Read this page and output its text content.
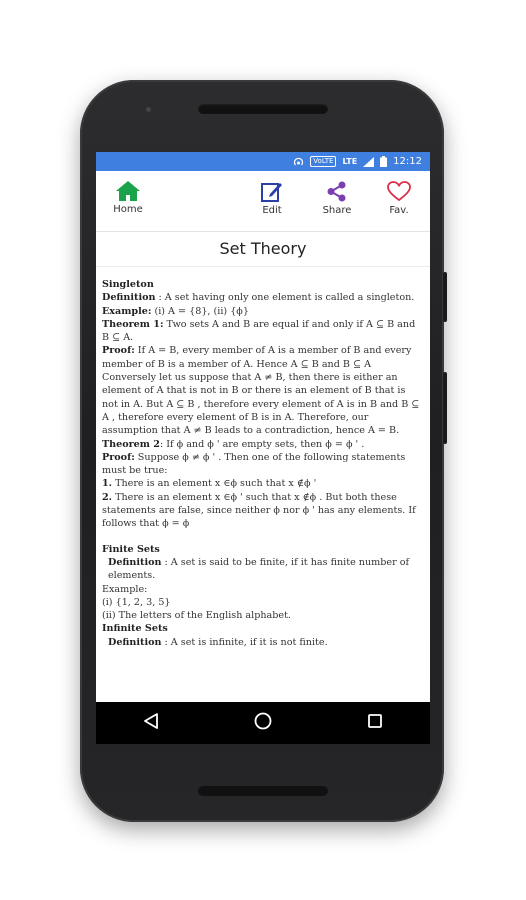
VoLTE	LTE	12:12
Home	Edit	Share	Fav.
Set Theory

Singleton

Definition : A set having only one element is called a singleton.

Example: (i) A = {8}, (ii) {ϕ}

Theorem 1: Two sets A and B are equal if and only if A ⊆ B and B ⊆ A.

Proof: If A = B, every member of A is a member of B and every member of B is a member of A. Hence A ⊆ B and B ⊆ A

Conversely let us suppose that A ≠ B, then there is either an element of A that is not in B or there is an element of B that is not in A. But A ⊆ B , therefore every element of A is in B and B ⊆ A , therefore every element of B is in A. Therefore, our assumption that A ≠ B leads to a contradiction, hence A = B.

Theorem 2: If ϕ and ϕ ' are empty sets, then ϕ = ϕ ' .

Proof: Suppose ϕ ≠ ϕ ' . Then one of the following statements must be true:

1. There is an element x ∈ϕ such that x ∉ϕ '

2. There is an element x ∈ϕ ' such that x ∉ϕ . But both these statements are false, since neither ϕ nor ϕ ' has any elements. If follows that ϕ = ϕ

Finite Sets

Definition : A set is said to be finite, if it has finite number of elements.

Example:

(i) {1, 2, 3, 5}

(ii) The letters of the English alphabet.

Infinite Sets

Definition : A set is infinite, if it is not finite.
